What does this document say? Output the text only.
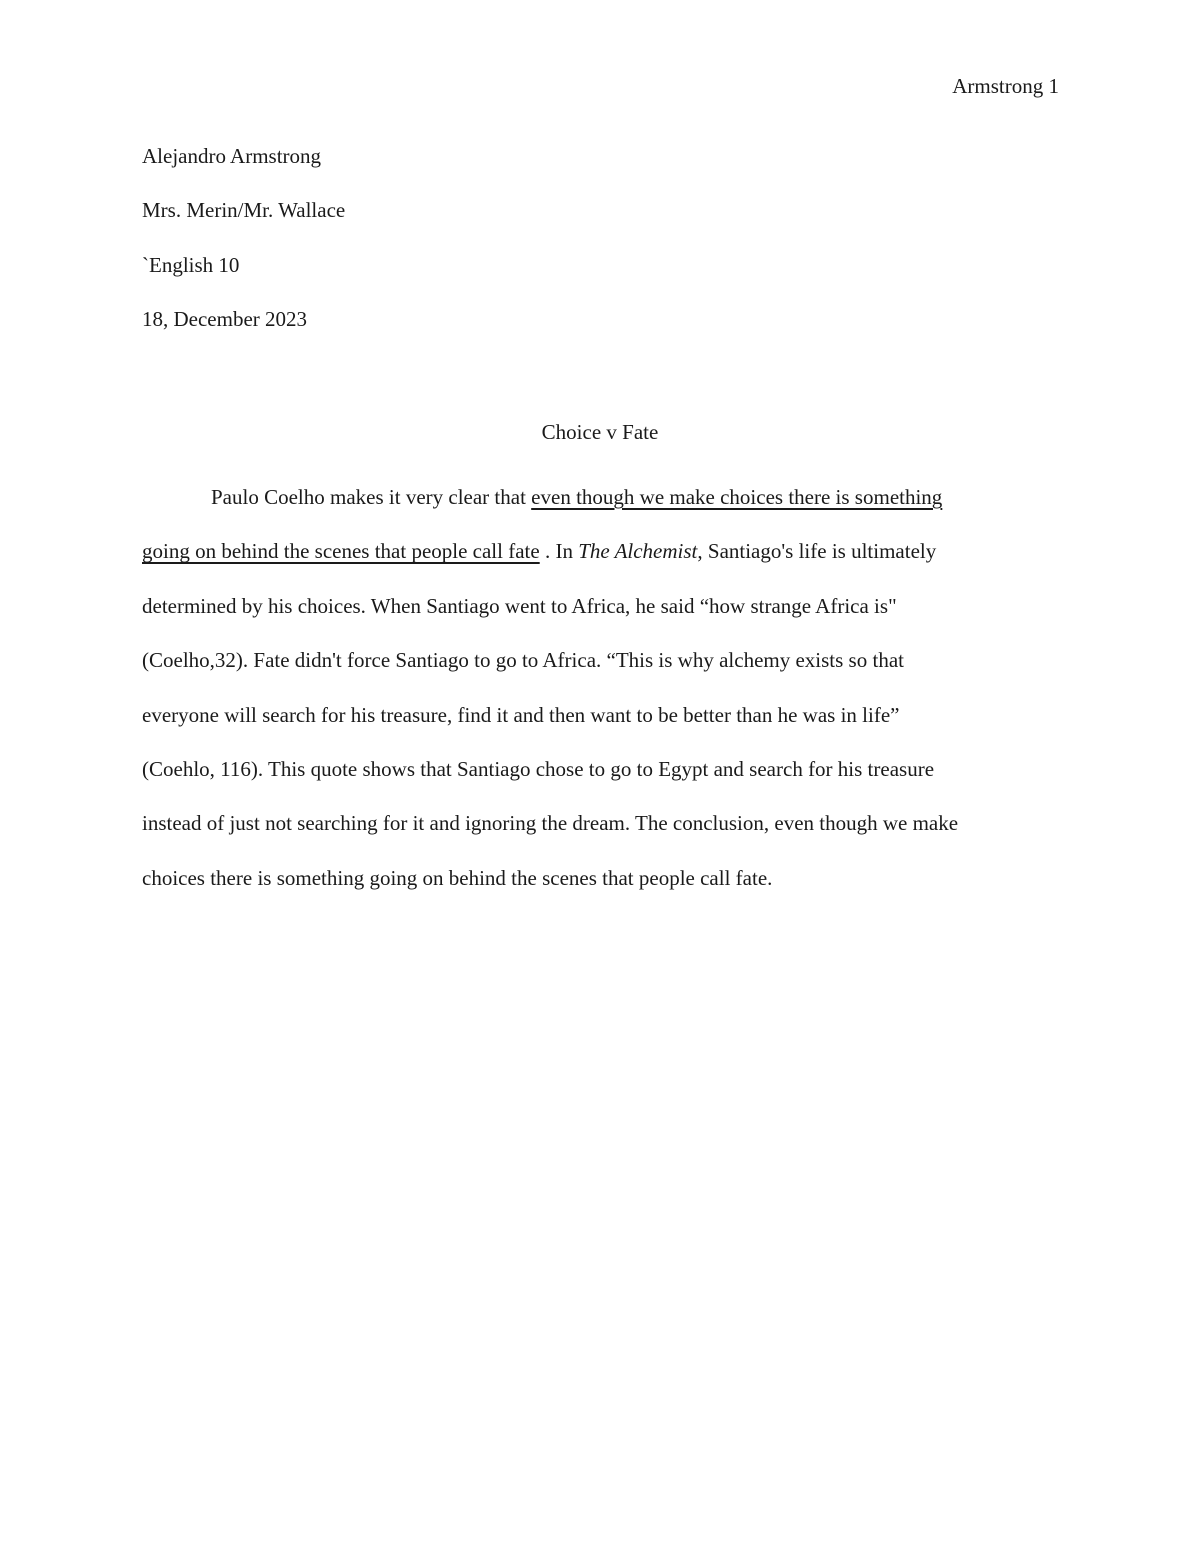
Armstrong 1
Alejandro Armstrong
Mrs. Merin/Mr. Wallace
`English 10
18, December 2023
Choice v Fate
Paulo Coelho makes it very clear that even though we make choices there is something
going on behind the scenes that people call fate . In The Alchemist, Santiago's life is ultimately
determined by his choices. When Santiago went to Africa, he said “how strange Africa is"
(Coelho,32). Fate didn't force Santiago to go to Africa. “This is why alchemy exists so that
everyone will search for his treasure, find it and then want to be better than he was in life”
(Coehlo, 116). This quote shows that Santiago chose to go to Egypt and search for his treasure
instead of just not searching for it and ignoring the dream. The conclusion, even though we make
choices there is something going on behind the scenes that people call fate.
